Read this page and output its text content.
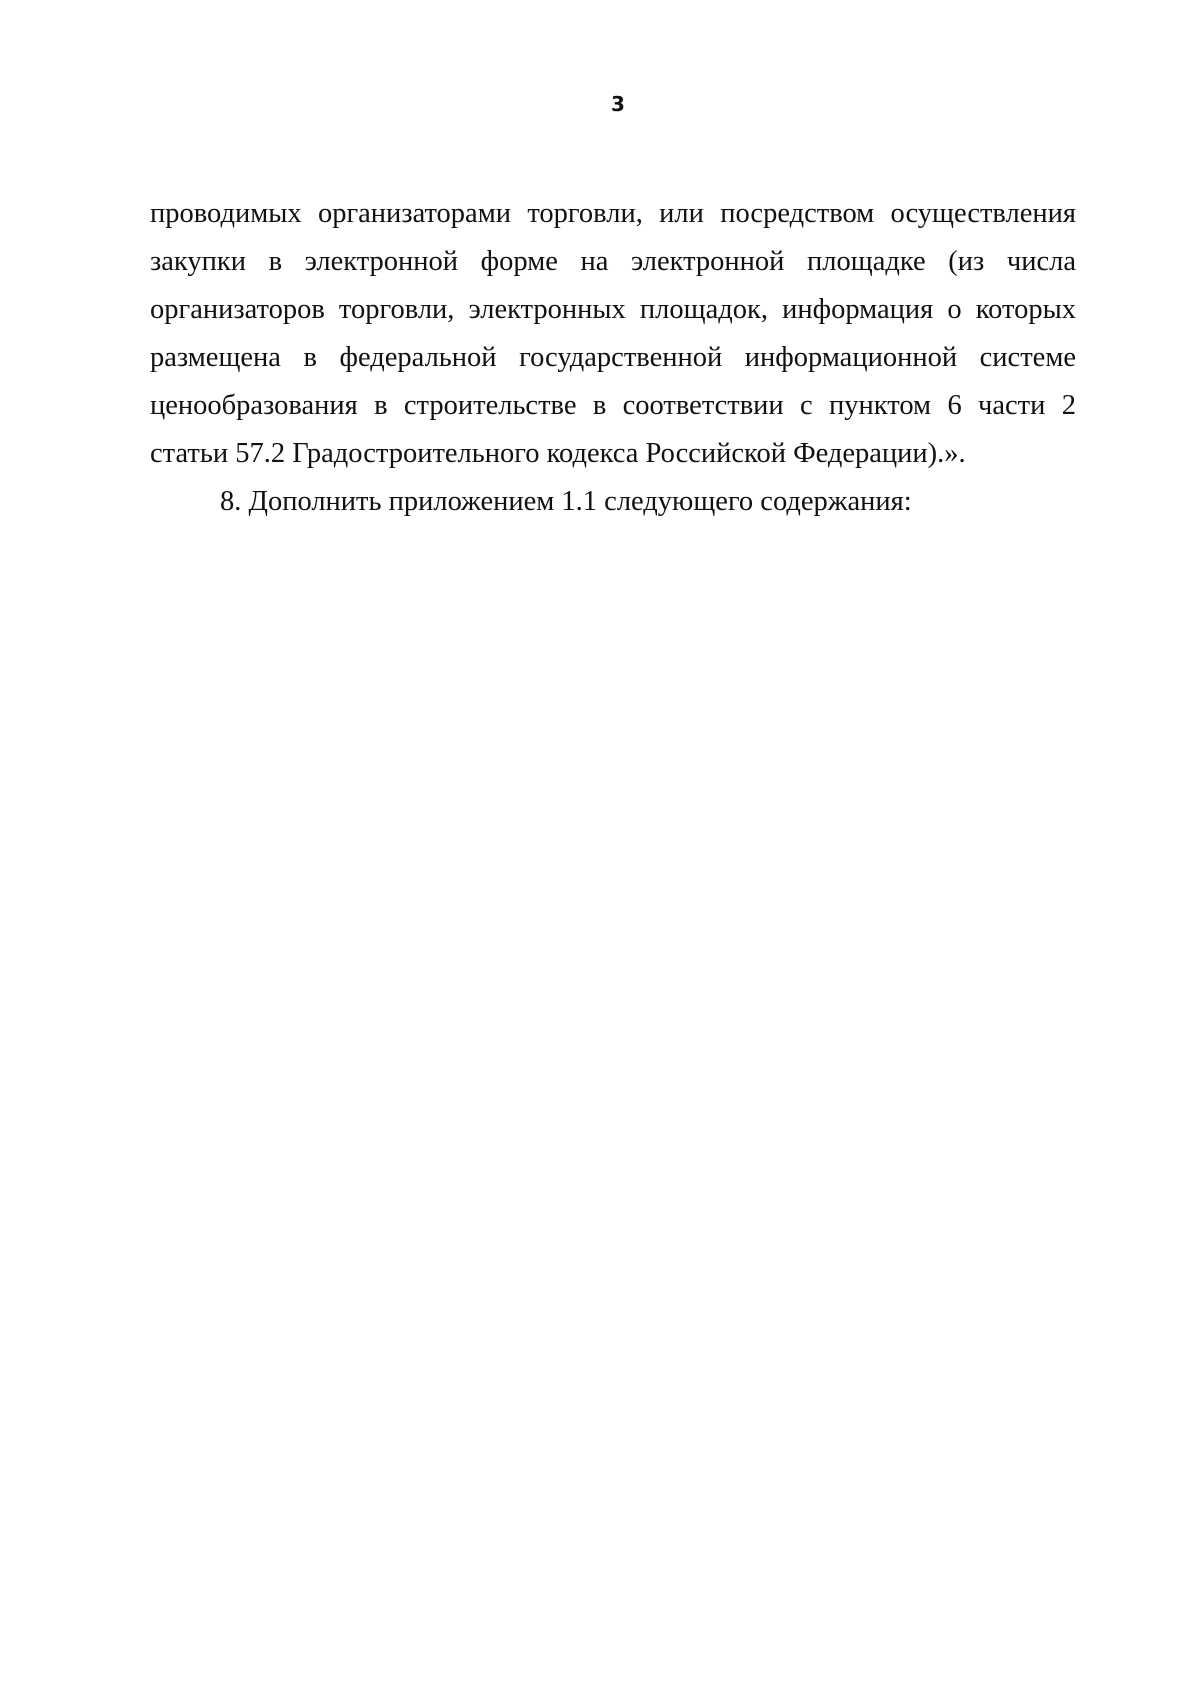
3

проводимых организаторами торговли, или посредством осуществления
закупки в электронной форме на электронной площадке (из числа
организаторов торговли, электронных площадок, информация о которых
размещена в федеральной государственной информационной системе
ценообразования в строительстве в соответствии с пунктом 6 части 2
статьи 57.2 Градостроительного кодекса Российской Федерации).».

8. Дополнить приложением 1.1 следующего содержания:
